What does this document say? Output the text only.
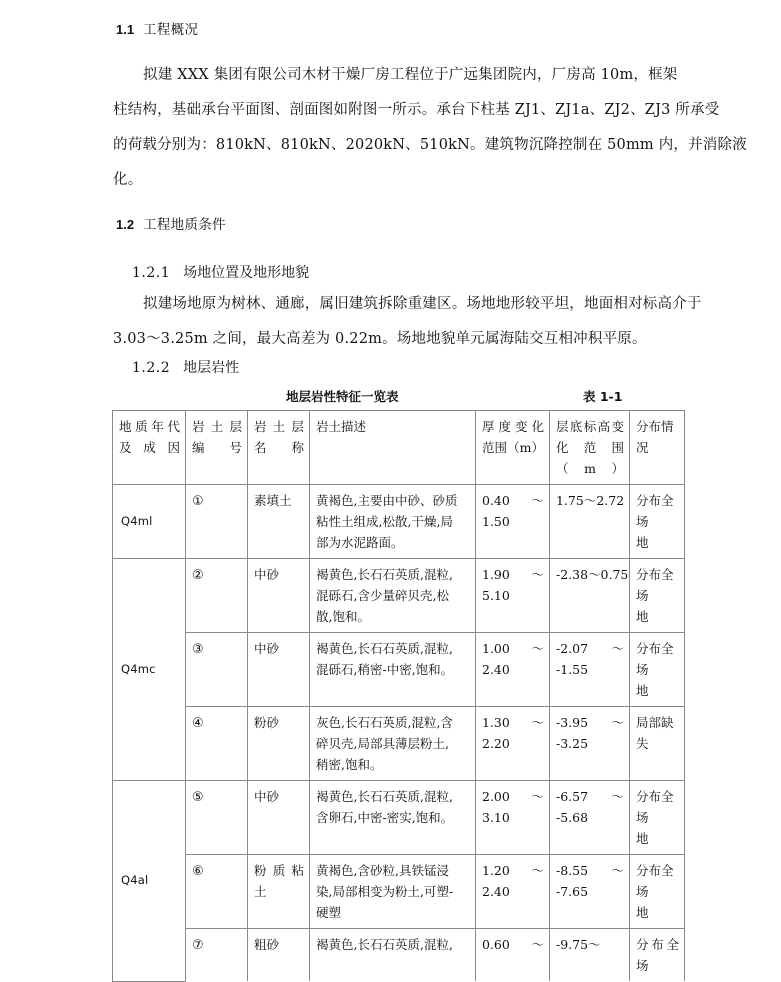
1.1 工程概况
拟建 XXX 集团有限公司木材干燥厂房工程位于广远集团院内，厂房高 10m，框架
柱结构，基础承台平面图、剖面图如附图一所示。承台下柱基 ZJ1、ZJ1a、ZJ2、ZJ3 所承受
的荷载分别为：810kN、810kN、2020kN、510kN。建筑物沉降控制在 50mm 内，并消除液
化。
1.2 工程地质条件
1.2.1 场地位置及地形地貌
拟建场地原为树林、通廊，属旧建筑拆除重建区。场地地形较平坦，地面相对标高介于
3.03～3.25m 之间，最大高差为 0.22m。场地地貌单元属海陆交互相冲积平原。
1.2.2 地层岩性
地层岩性特征一览表	表 1-1
地质年代
及成因	岩土层
编号	岩土层
名称	岩土描述	厚度变化
范围（m）	层底标高变
化范围（m）	分布情况

Q4ml	①	素填土	黄褐色,主要由中砂、砂质
粘性土组成,松散,干燥,局
部为水泥路面。	0.40 ～
1.50	1.75～2.72	分布全场
地

Q4mc	②	中砂	褐黄色,长石石英质,混粒,
混砾石,含少量碎贝壳,松
散,饱和。	1.90 ～
5.10	-2.38～0.75	分布全场
地

	③	中砂	褐黄色,长石石英质,混粒,
混砾石,稍密-中密,饱和。	1.00 ～
2.40	-2.07 ～
-1.55	分布全场
地

	④	粉砂	灰色,长石石英质,混粒,含
碎贝壳,局部具薄层粉土,
稍密,饱和。	1.30 ～
2.20	-3.95 ～
-3.25	局部缺失

Q4al	⑤	中砂	褐黄色,长石石英质,混粒,
含卵石,中密-密实,饱和。	2.00 ～
3.10	-6.57 ～
-5.68	分布全场
地

	⑥	粉质粘
土	黄褐色,含砂粒,具铁锰浸
染,局部相变为粉土,可塑-
硬塑	1.20 ～
2.40	-8.55 ～
-7.65	分布全场
地

	⑦	粗砂	褐黄色,长石石英质,混粒,	0.60 ～	-9.75～	分布全场
